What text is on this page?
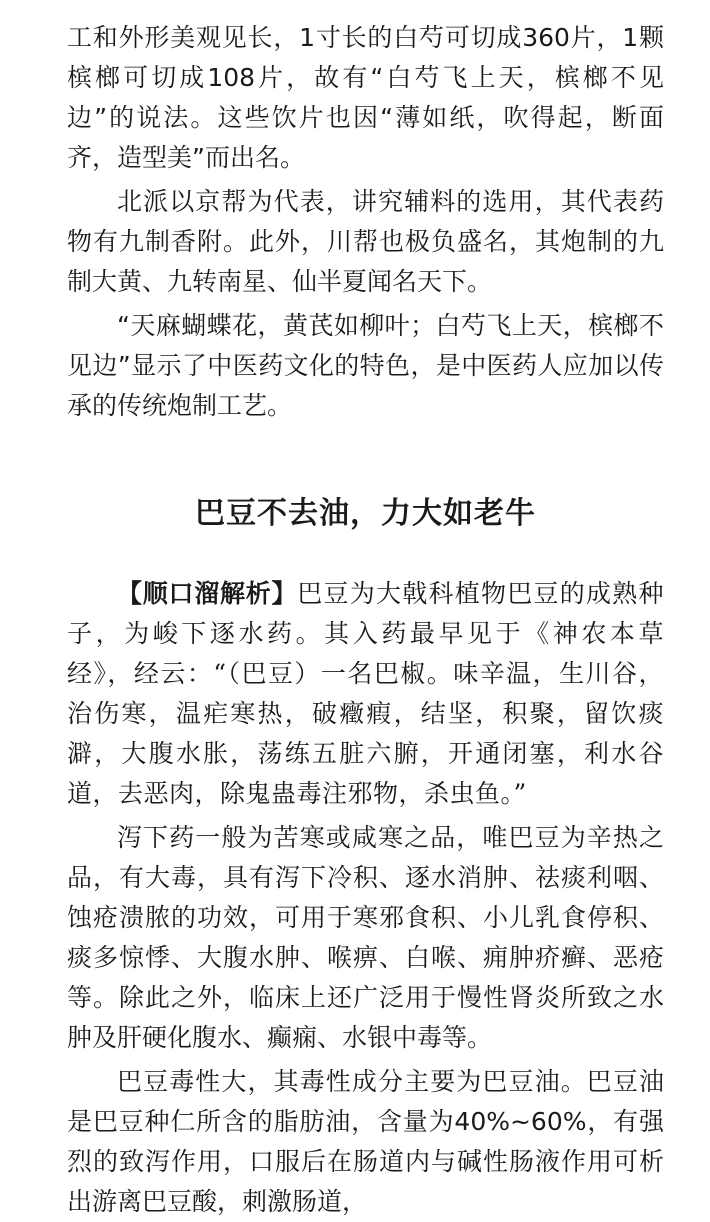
工和外形美观见长，1寸长的白芍可切成360片，1颗槟榔可切成108片，故有“白芍飞上天，槟榔不见边”的说法。这些饮片也因“薄如纸，吹得起，断面齐，造型美”而出名。

北派以京帮为代表，讲究辅料的选用，其代表药物有九制香附。此外，川帮也极负盛名，其炮制的九制大黄、九转南星、仙半夏闻名天下。

“天麻蝴蝶花，黄芪如柳叶；白芍飞上天，槟榔不见边”显示了中医药文化的特色，是中医药人应加以传承的传统炮制工艺。

巴豆不去油，力大如老牛

【顺口溜解析】巴豆为大戟科植物巴豆的成熟种子，为峻下逐水药。其入药最早见于《神农本草经》，经云：“（巴豆）一名巴椒。味辛温，生川谷，治伤寒，温疟寒热，破癥瘕，结坚，积聚，留饮痰澼，大腹水胀，荡练五脏六腑，开通闭塞，利水谷道，去恶肉，除鬼蛊毒注邪物，杀虫鱼。”

泻下药一般为苦寒或咸寒之品，唯巴豆为辛热之品，有大毒，具有泻下冷积、逐水消肿、祛痰利咽、蚀疮溃脓的功效，可用于寒邪食积、小儿乳食停积、痰多惊悸、大腹水肿、喉痹、白喉、痈肿疥癣、恶疮等。除此之外，临床上还广泛用于慢性肾炎所致之水肿及肝硬化腹水、癫痫、水银中毒等。

巴豆毒性大，其毒性成分主要为巴豆油。巴豆油是巴豆种仁所含的脂肪油，含量为40%~60%，有强烈的致泻作用，口服后在肠道内与碱性肠液作用可析出游离巴豆酸，刺激肠道，
